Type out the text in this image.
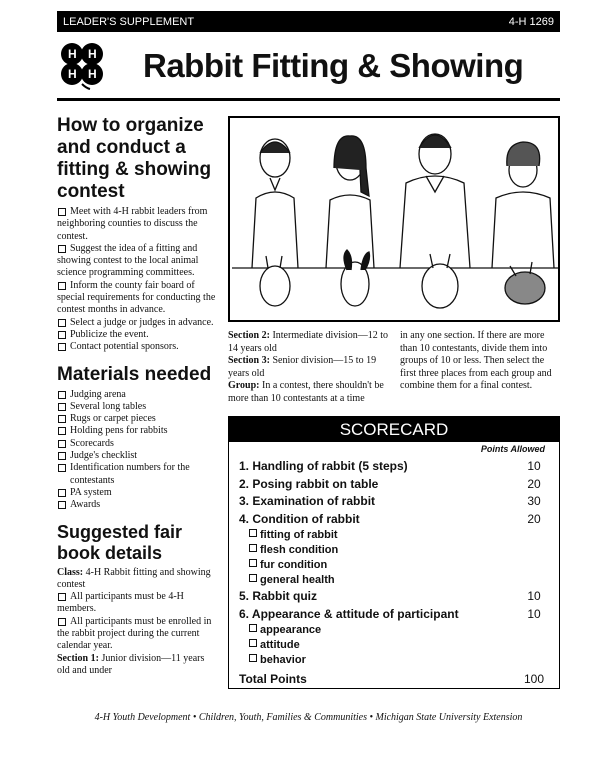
LEADER'S SUPPLEMENT	4-H 1269
H H
H H Rabbit Fitting & Showing
How to organize and conduct a fitting & showing contest
Meet with 4-H rabbit leaders from neighboring counties to discuss the contest.
Suggest the idea of a fitting and showing contest to the local animal science programming committees.
Inform the county fair board of special requirements for conducting the contest months in advance.
Select a judge or judges in advance.
Publicize the event.
Contact potential sponsors.
Materials needed
Judging arena
Several long tables
Rugs or carpet pieces
Holding pens for rabbits
Scorecards
Judge's checklist
Identification numbers for the contestants
PA system
Awards
Suggested fair book details
Class: 4-H Rabbit fitting and showing contest
All participants must be 4-H members.
All participants must be enrolled in the rabbit project during the current calendar year.
Section 1: Junior division—11 years old and under
Section 2: Intermediate division—12 to 14 years old
Section 3: Senior division—15 to 19 years old
Group: In a contest, there shouldn't be more than 10 contestants at a time
in any one section. If there are more than 10 contestants, divide them into groups of 10 or less. Then select the first three places from each group and combine them for a final contest.
SCORECARD
Points Allowed
1. Handling of rabbit (5 steps)	10
2. Posing rabbit on table	20
3. Examination of rabbit	30
4. Condition of rabbit	20
fitting of rabbit
flesh condition
fur condition
general health
5. Rabbit quiz	10
6. Appearance & attitude of participant	10
appearance
attitude
behavior
Total Points	100
4-H Youth Development • Children, Youth, Families & Communities • Michigan State University Extension
